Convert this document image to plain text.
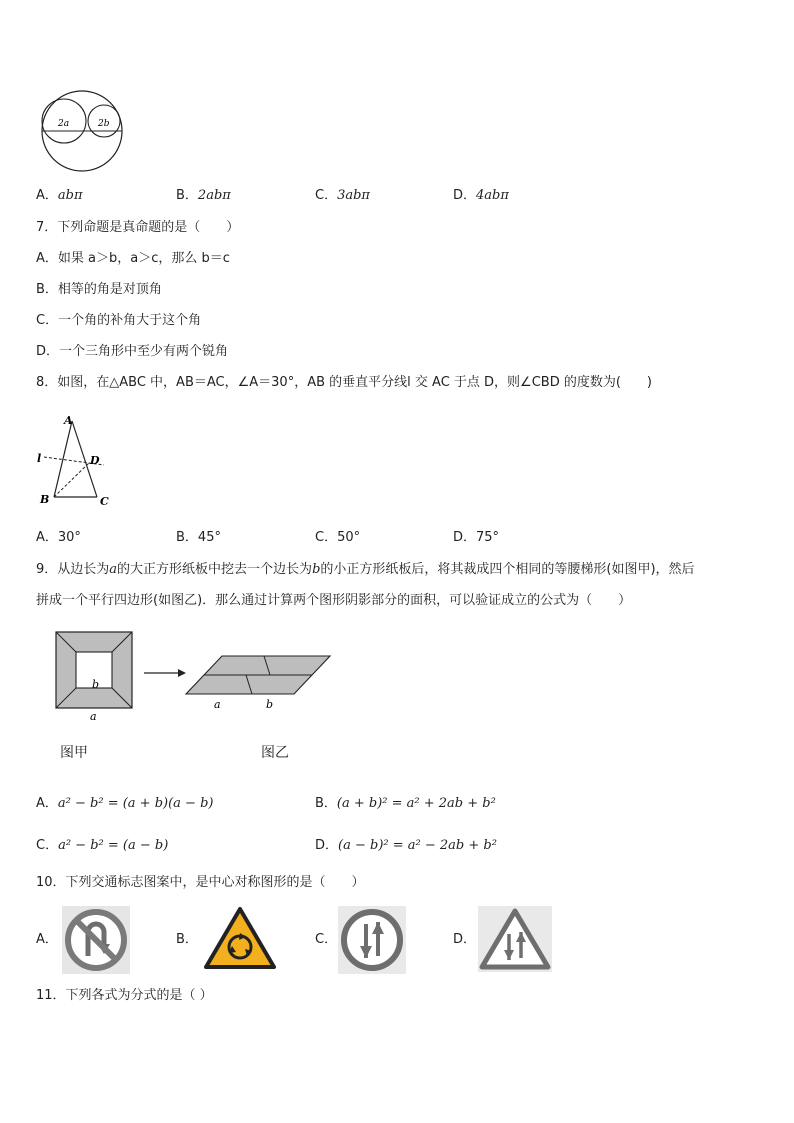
2a	2b
A．abπ	B．2abπ	C．3abπ	D．4abπ
7．下列命题是真命题的是（　　）
A．如果 a＞b，a＞c，那么 b＝c
B．相等的角是对顶角
C．一个角的补角大于这个角
D．一个三角形中至少有两个锐角
8．如图，在△ABC 中，AB＝AC，∠A＝30°，AB 的垂直平分线l 交 AC 于点 D，则∠CBD 的度数为(　　)
A
B	C
D
l
A．30°	B．45°	C．50°	D．75°
9．从边长为a的大正方形纸板中挖去一个边长为b的小正方形纸板后，将其裁成四个相同的等腰梯形(如图甲)，然后
拼成一个平行四边形(如图乙)．那么通过计算两个图形阴影部分的面积，可以验证成立的公式为（　　）
b
a
a	b
图甲	图乙
A．a² − b² = (a + b)(a − b)	B．(a + b)² = a² + 2ab + b²
C．a² − b² = (a − b)	D．(a − b)² = a² − 2ab + b²
10．下列交通标志图案中，是中心对称图形的是（　　）
A．	B．	C．	D．
11．下列各式为分式的是（ ）
